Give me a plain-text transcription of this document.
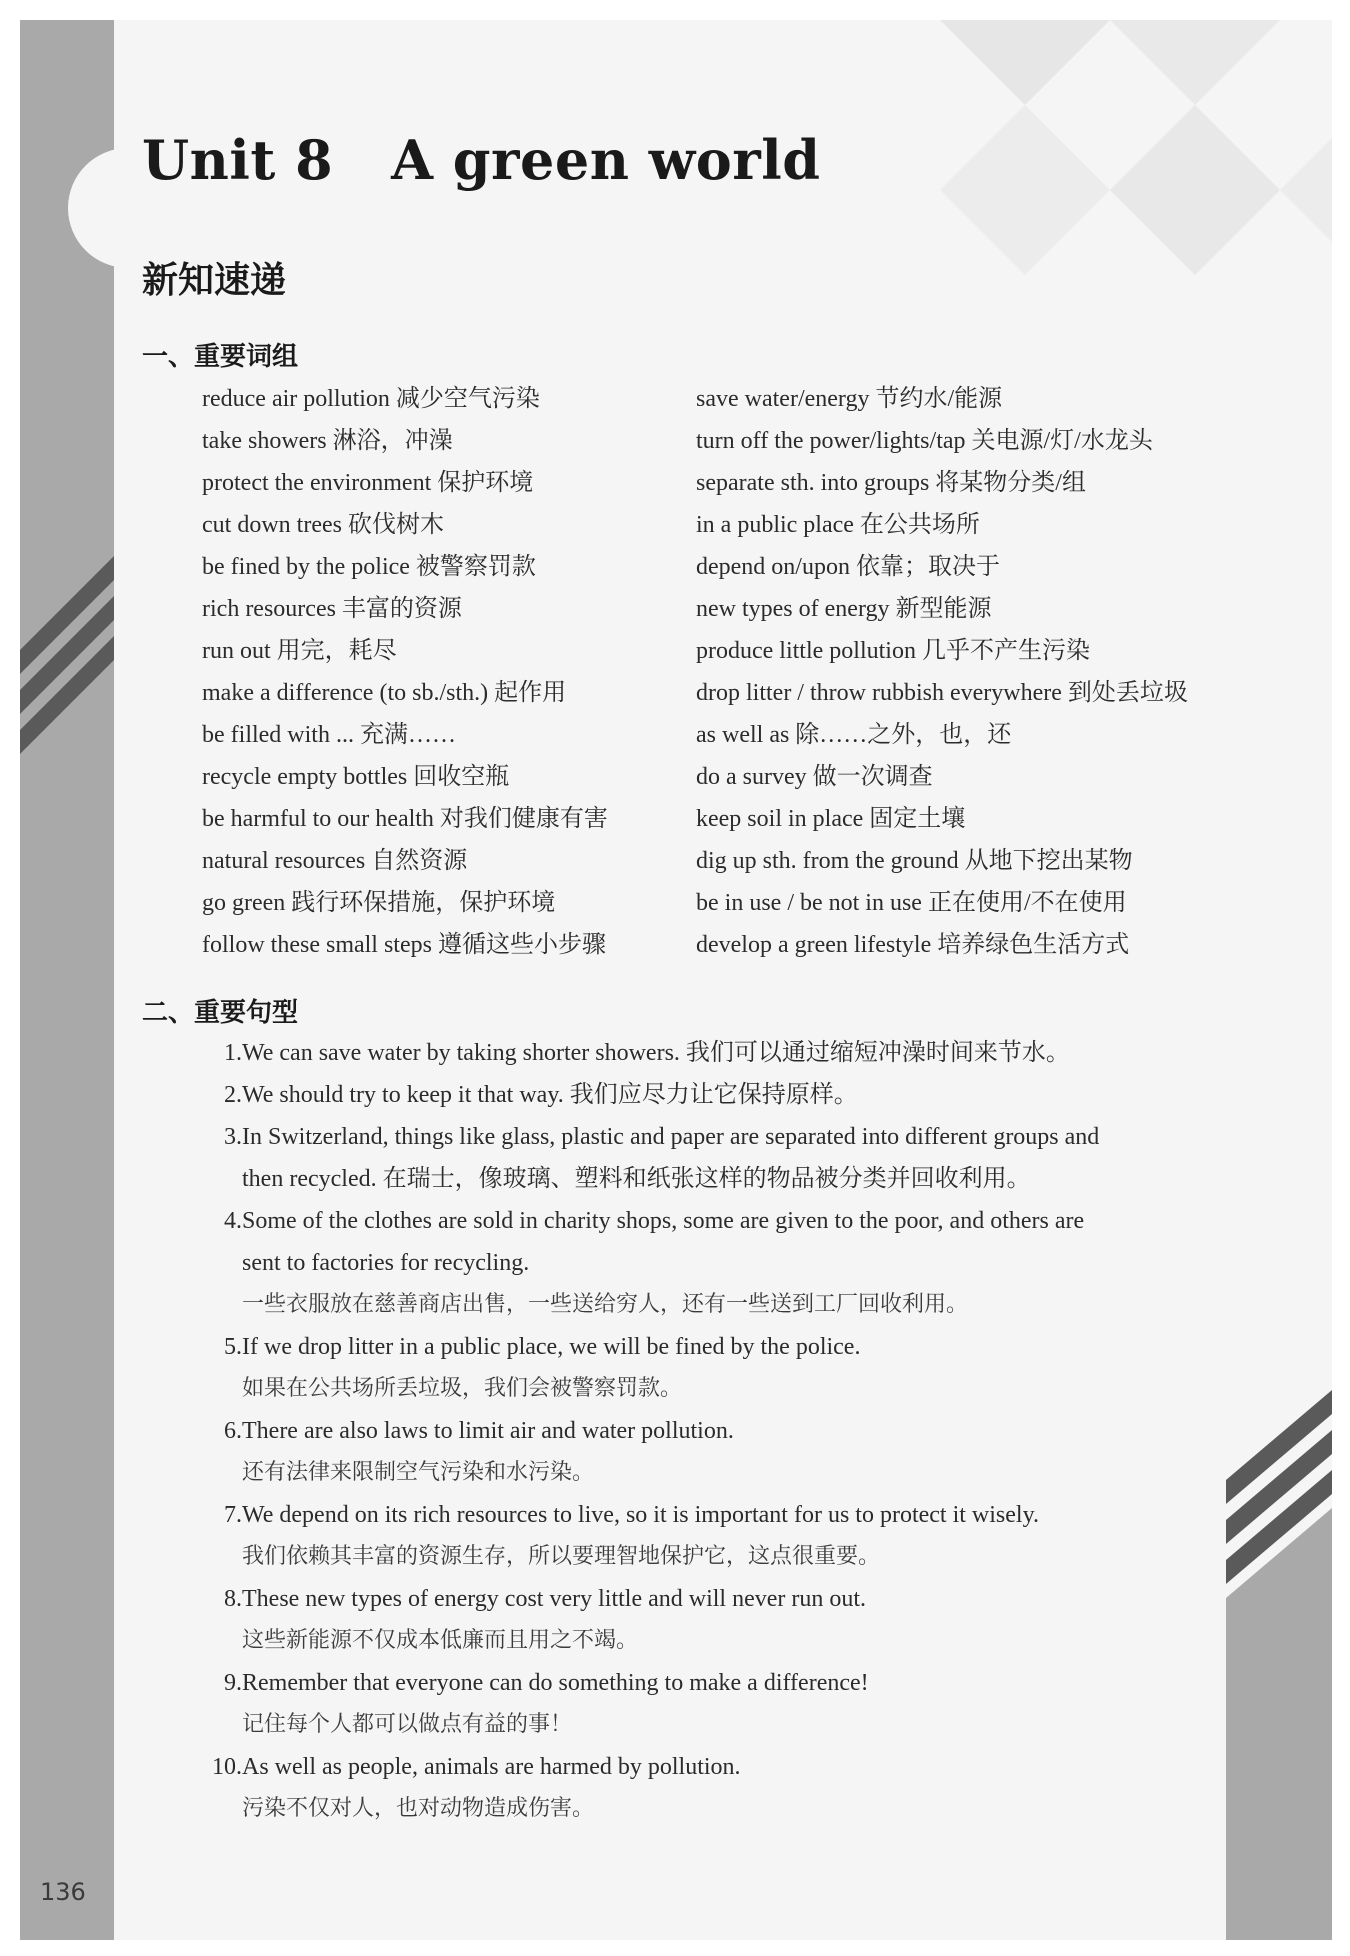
Unit 8   A green world
新知速递
一、重要词组
reduce air pollution 减少空气污染
take showers 淋浴，冲澡
protect the environment 保护环境
cut down trees 砍伐树木
be fined by the police 被警察罚款
rich resources 丰富的资源
run out 用完，耗尽
make a difference (to sb./sth.) 起作用
be filled with ... 充满……
recycle empty bottles 回收空瓶
be harmful to our health 对我们健康有害
natural resources 自然资源
go green 践行环保措施，保护环境
follow these small steps 遵循这些小步骤
save water/energy 节约水/能源
turn off the power/lights/tap 关电源/灯/水龙头
separate sth. into groups 将某物分类/组
in a public place 在公共场所
depend on/upon 依靠；取决于
new types of energy 新型能源
produce little pollution 几乎不产生污染
drop litter / throw rubbish everywhere 到处丢垃圾
as well as 除……之外，也，还
do a survey 做一次调查
keep soil in place 固定土壤
dig up sth. from the ground 从地下挖出某物
be in use / be not in use 正在使用/不在使用
develop a green lifestyle 培养绿色生活方式
二、重要句型
1. We can save water by taking shorter showers. 我们可以通过缩短冲澡时间来节水。
2. We should try to keep it that way. 我们应尽力让它保持原样。
3. In Switzerland, things like glass, plastic and paper are separated into different groups and
then recycled. 在瑞士，像玻璃、塑料和纸张这样的物品被分类并回收利用。
4. Some of the clothes are sold in charity shops, some are given to the poor, and others are
sent to factories for recycling.
一些衣服放在慈善商店出售，一些送给穷人，还有一些送到工厂回收利用。
5. If we drop litter in a public place, we will be fined by the police.
如果在公共场所丢垃圾，我们会被警察罚款。
6. There are also laws to limit air and water pollution.
还有法律来限制空气污染和水污染。
7. We depend on its rich resources to live, so it is important for us to protect it wisely.
我们依赖其丰富的资源生存，所以要理智地保护它，这点很重要。
8. These new types of energy cost very little and will never run out.
这些新能源不仅成本低廉而且用之不竭。
9. Remember that everyone can do something to make a difference!
记住每个人都可以做点有益的事！
10. As well as people, animals are harmed by pollution.
污染不仅对人，也对动物造成伤害。
136
